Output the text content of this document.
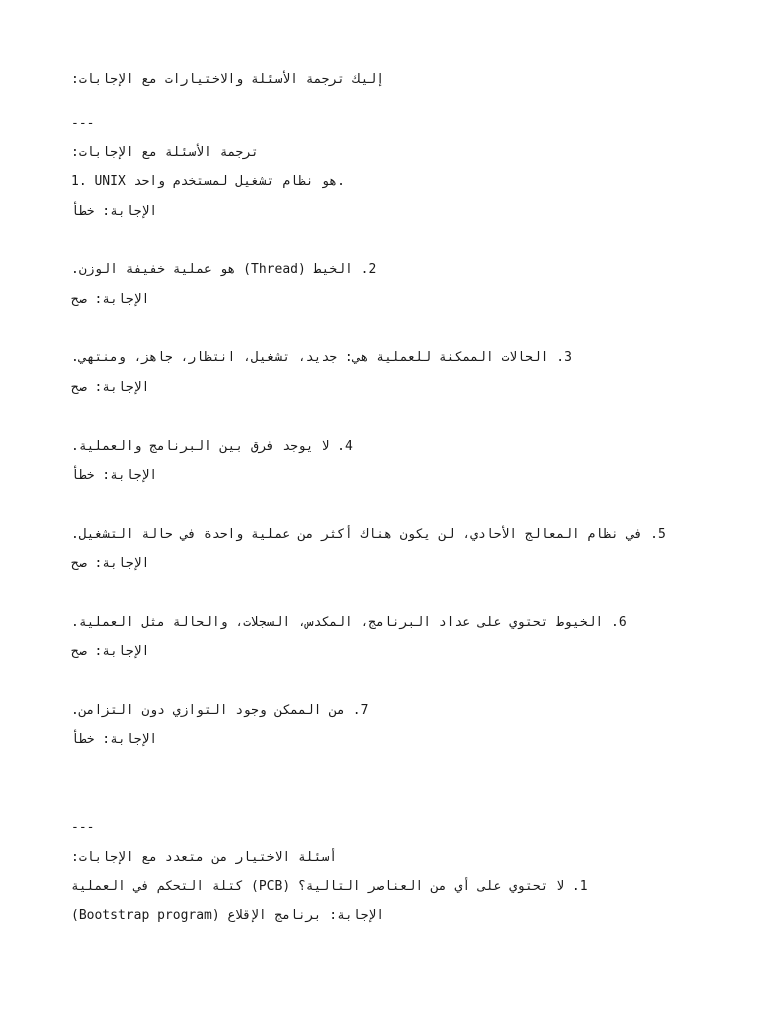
إليك ترجمة الأسئلة والاختيارات مع الإجابات:

---

ترجمة الأسئلة مع الإجابات:

1. UNIX هو نظام تشغيل لمستخدم واحد.

الإجابة: خطأ

2. الخيط (Thread) هو عملية خفيفة الوزن.

الإجابة: صح

3. الحالات الممكنة للعملية هي: جديد، تشغيل، انتظار، جاهز، ومنتهي.

الإجابة: صح

4. لا يوجد فرق بين البرنامج والعملية.

الإجابة: خطأ

5. في نظام المعالج الأحادي، لن يكون هناك أكثر من عملية واحدة في حالة التشغيل.

الإجابة: صح

6. الخيوط تحتوي على عداد البرنامج، المكدس، السجلات، والحالة مثل العملية.

الإجابة: صح

7. من الممكن وجود التوازي دون التزامن.

الإجابة: خطأ

---

أسئلة الاختيار من متعدد مع الإجابات:

1. لا تحتوي على أي من العناصر التالية؟ (PCB) كتلة التحكم في العملية

الإجابة: برنامج الإقلاع (Bootstrap program)
